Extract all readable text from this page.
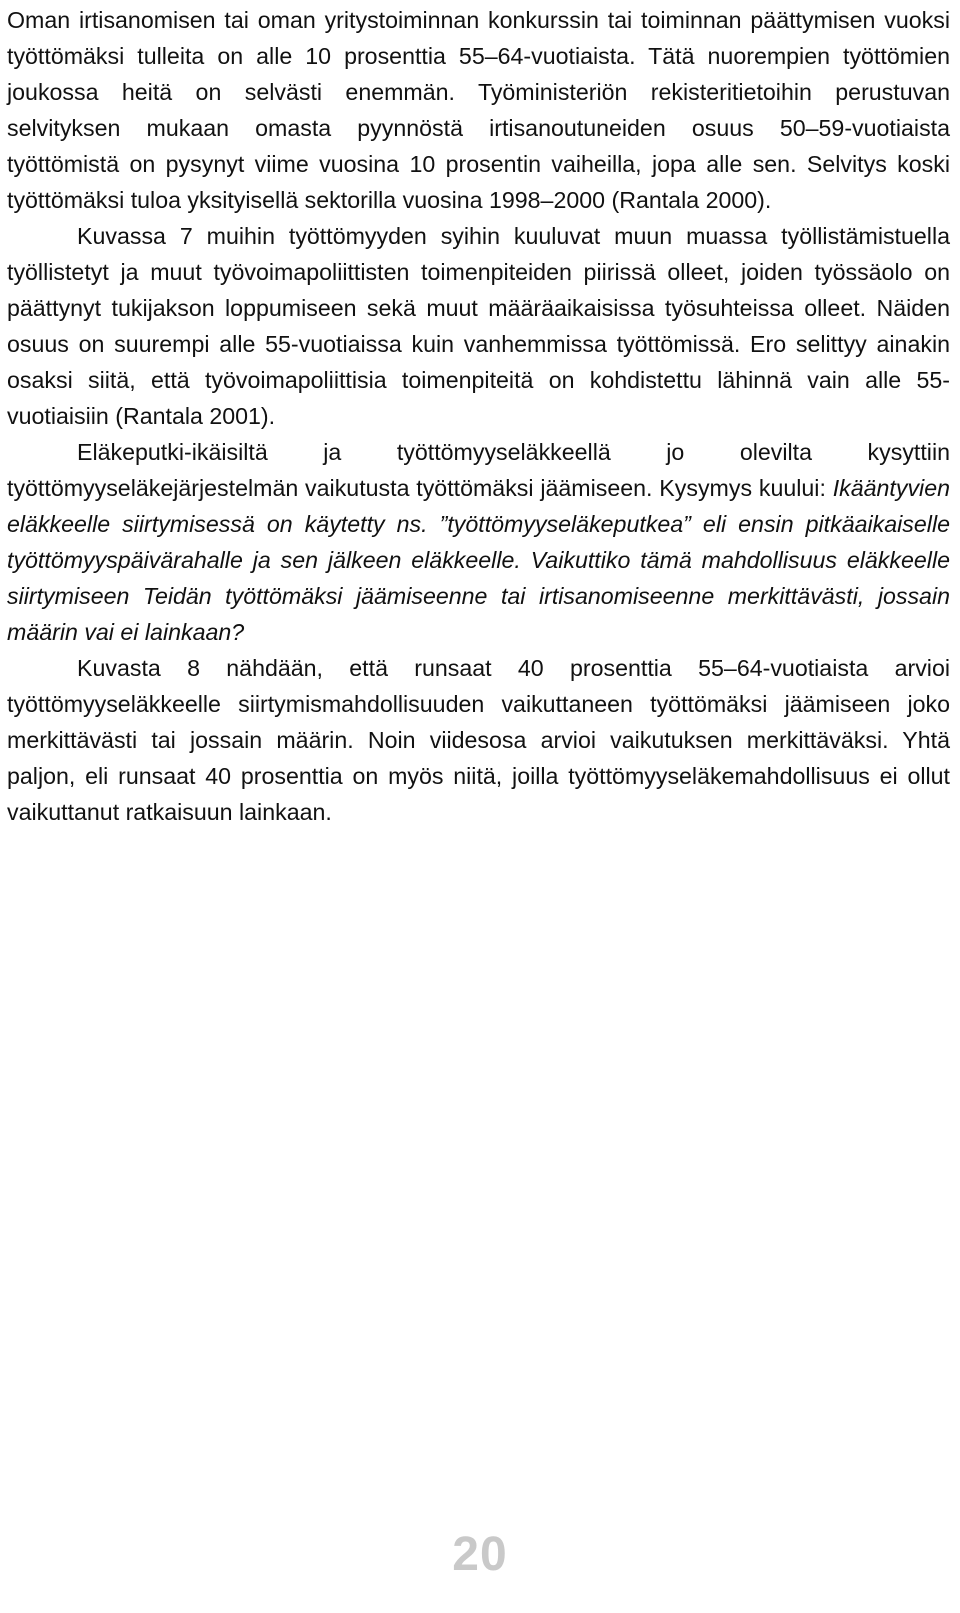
Oman irtisanomisen tai oman yritystoiminnan konkurssin tai toiminnan päättymisen vuoksi työttömäksi tulleita on alle 10 prosenttia 55–64-vuotiaista. Tätä nuorempien työttömien joukossa heitä on selvästi enemmän. Työministeriön rekisteritietoihin perustuvan selvityksen mukaan omasta pyynnöstä irtisanoutuneiden osuus 50–59-vuotiaista työttömistä on pysynyt viime vuosina 10 prosentin vaiheilla, jopa alle sen. Selvitys koski työttömäksi tuloa yksityisellä sektorilla vuosina 1998–2000 (Rantala 2000).

Kuvassa 7 muihin työttömyyden syihin kuuluvat muun muassa työllistämistuella työllistetyt ja muut työvoimapoliittisten toimenpiteiden piirissä olleet, joiden työssäolo on päättynyt tukijakson loppumiseen sekä muut määräaikaisissa työsuhteissa olleet. Näiden osuus on suurempi alle 55-vuotiaissa kuin vanhemmissa työttömissä. Ero selittyy ainakin osaksi siitä, että työvoimapoliittisia toimenpiteitä on kohdistettu lähinnä vain alle 55-vuotiaisiin (Rantala 2001).

Eläkeputki-ikäisiltä ja työttömyyseläkkeellä jo olevilta kysyttiin työttömyyseläkejärjestelmän vaikutusta työttömäksi jäämiseen. Kysymys kuului: Ikääntyvien eläkkeelle siirtymisessä on käytetty ns. ”työttömyyseläkeputkea” eli ensin pitkäaikaiselle työttömyyspäivärahalle ja sen jälkeen eläkkeelle. Vaikuttiko tämä mahdollisuus eläkkeelle siirtymiseen Teidän työttömäksi jäämiseenne tai irtisanomiseenne merkittävästi, jossain määrin vai ei lainkaan?

Kuvasta 8 nähdään, että runsaat 40 prosenttia 55–64-vuotiaista arvioi työttömyyseläkkeelle siirtymismahdollisuuden vaikuttaneen työttömäksi jäämiseen joko merkittävästi tai jossain määrin. Noin viidesosa arvioi vaikutuksen merkittäväksi. Yhtä paljon, eli runsaat 40 prosenttia on myös niitä, joilla työttömyyseläkemahdollisuus ei ollut vaikuttanut ratkaisuun lainkaan.

20
